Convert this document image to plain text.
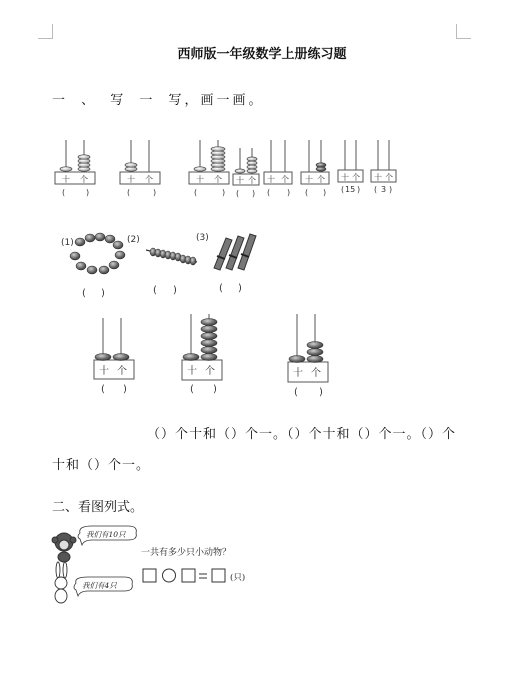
西师版一年级数学上册练习题
一 、 写 一 写，画一画。
十 个	十 个	十 个 十 个 十 个 十 个 十 个 十 个
(	)	(	)	(	) ( ) ( ) ( ) ( 15 ) ( 3 )
(1)	(2)	(3)
( )	( )	( )
十 个	十 个	十 个
( )	( )	( )
我们有10只
我们有4只
一共有多少只小动物？
(只)
（）个十和（）个一。（）个十和（）个一。（）个
十和（）个一。
二、看图列式。
